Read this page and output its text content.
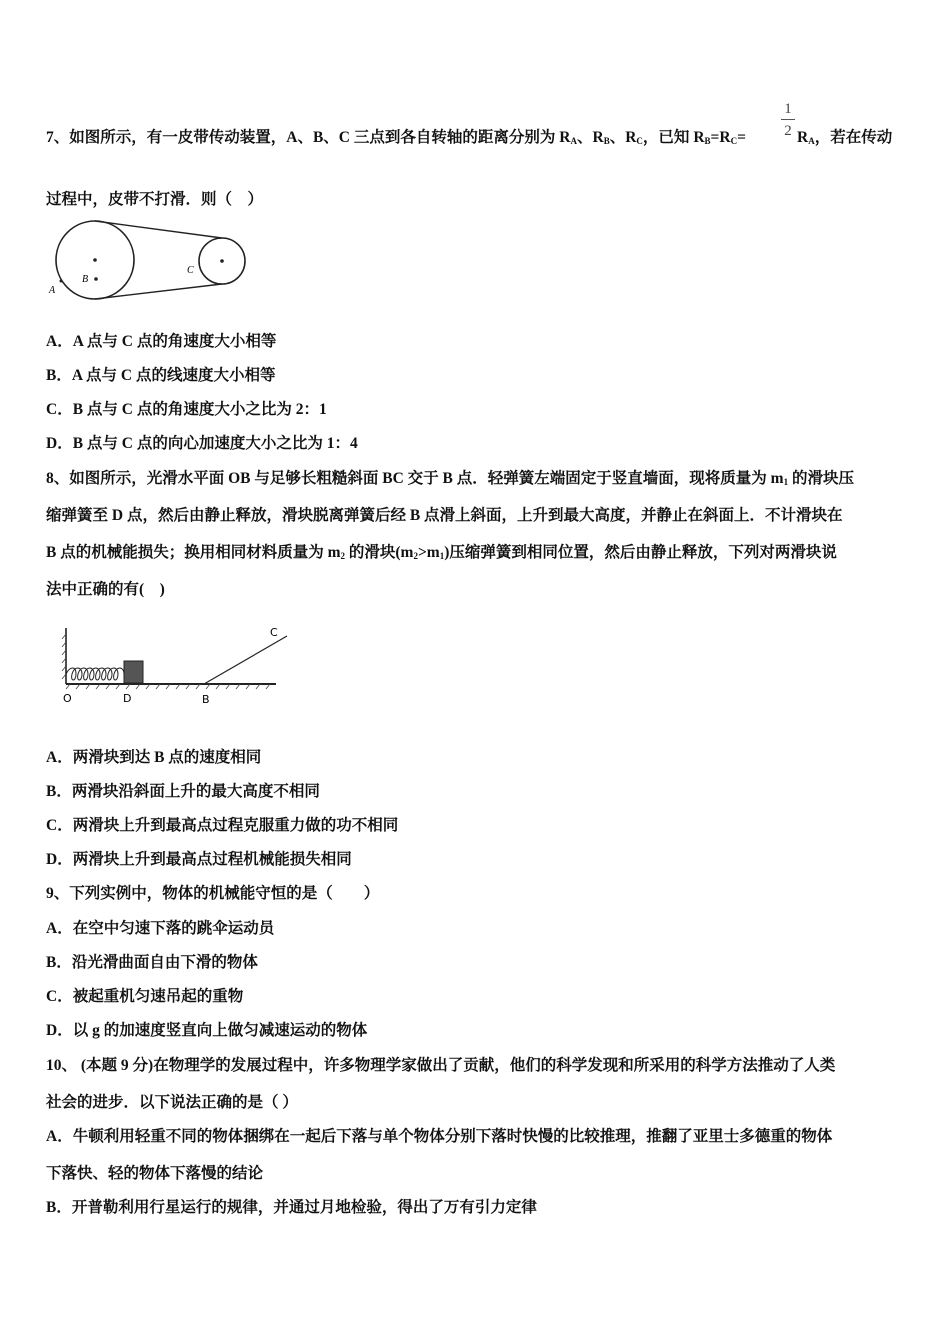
7、如图所示，有一皮带传动装置，A、B、C 三点到各自转轴的距离分别为 $R_A$、$R_B$、$R_C$，已知 $R_B=R_C=$
1
2 $R_A$，若在传动
过程中，皮带不打滑．则（　）
A
B
C
A．A 点与 C 点的角速度大小相等
B．A 点与 C 点的线速度大小相等
C．B 点与 C 点的角速度大小之比为 2：1
D．B 点与 C 点的向心加速度大小之比为 1：4
8、如图所示，光滑水平面 OB 与足够长粗糙斜面 BC 交于 B 点．轻弹簧左端固定于竖直墙面，现将质量为 $m_1$ 的滑块压
缩弹簧至 D 点，然后由静止释放，滑块脱离弹簧后经 B 点滑上斜面，上升到最大高度，并静止在斜面上．不计滑块在
B 点的机械能损失；换用相同材料质量为 $m_2$ 的滑块$(m_2>m_1)$压缩弹簧到相同位置，然后由静止释放，下列对两滑块说
法中正确的有(　)
O	D	B
C
A．两滑块到达 B 点的速度相同
B．两滑块沿斜面上升的最大高度不相同
C．两滑块上升到最高点过程克服重力做的功不相同
D．两滑块上升到最高点过程机械能损失相同
9、下列实例中，物体的机械能守恒的是（　　）
A．在空中匀速下落的跳伞运动员
B．沿光滑曲面自由下滑的物体
C．被起重机匀速吊起的重物
D．以 g 的加速度竖直向上做匀减速运动的物体
10、 (本题 9 分)在物理学的发展过程中，许多物理学家做出了贡献，他们的科学发现和所采用的科学方法推动了人类
社会的进步．以下说法正确的是（ ）
A．牛顿利用轻重不同的物体捆绑在一起后下落与单个物体分别下落时快慢的比较推理，推翻了亚里士多德重的物体
下落快、轻的物体下落慢的结论
B．开普勒利用行星运行的规律，并通过月地检验，得出了万有引力定律
